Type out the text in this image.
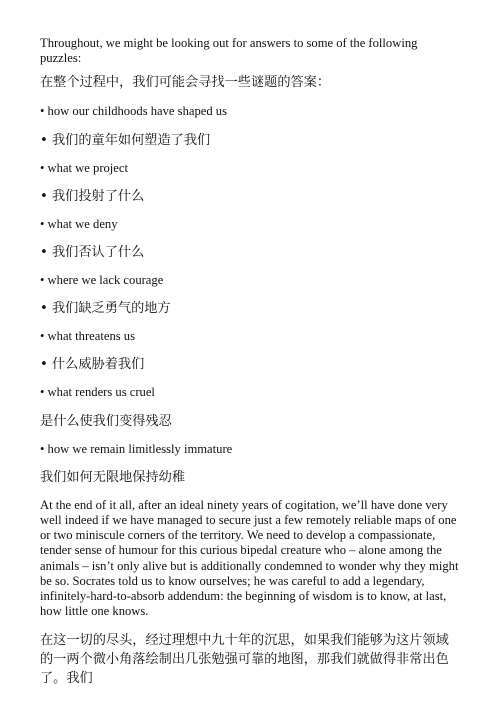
Throughout, we might be looking out for answers to some of the following puzzles:

在整个过程中，我们可能会寻找一些谜题的答案：

• how our childhoods have shaped us

• 我们的童年如何塑造了我们

• what we project

• 我们投射了什么

• what we deny

• 我们否认了什么

• where we lack courage

• 我们缺乏勇气的地方

• what threatens us

• 什么威胁着我们

• what renders us cruel

是什么使我们变得残忍

• how we remain limitlessly immature

我们如何无限地保持幼稚

At the end of it all, after an ideal ninety years of cogitation, we’ll have done very well indeed if we have managed to secure just a few remotely reliable maps of one or two miniscule corners of the territory. We need to develop a compassionate, tender sense of humour for this curious bipedal creature who – alone among the animals – isn’t only alive but is additionally condemned to wonder why they might be so. Socrates told us to know ourselves; he was careful to add a legendary, infinitely-hard-to-absorb addendum: the beginning of wisdom is to know, at last, how little one knows.

在这一切的尽头，经过理想中九十年的沉思，如果我们能够为这片领域的一两个微小角落绘制出几张勉强可靠的地图，那我们就做得非常出色了。我们
